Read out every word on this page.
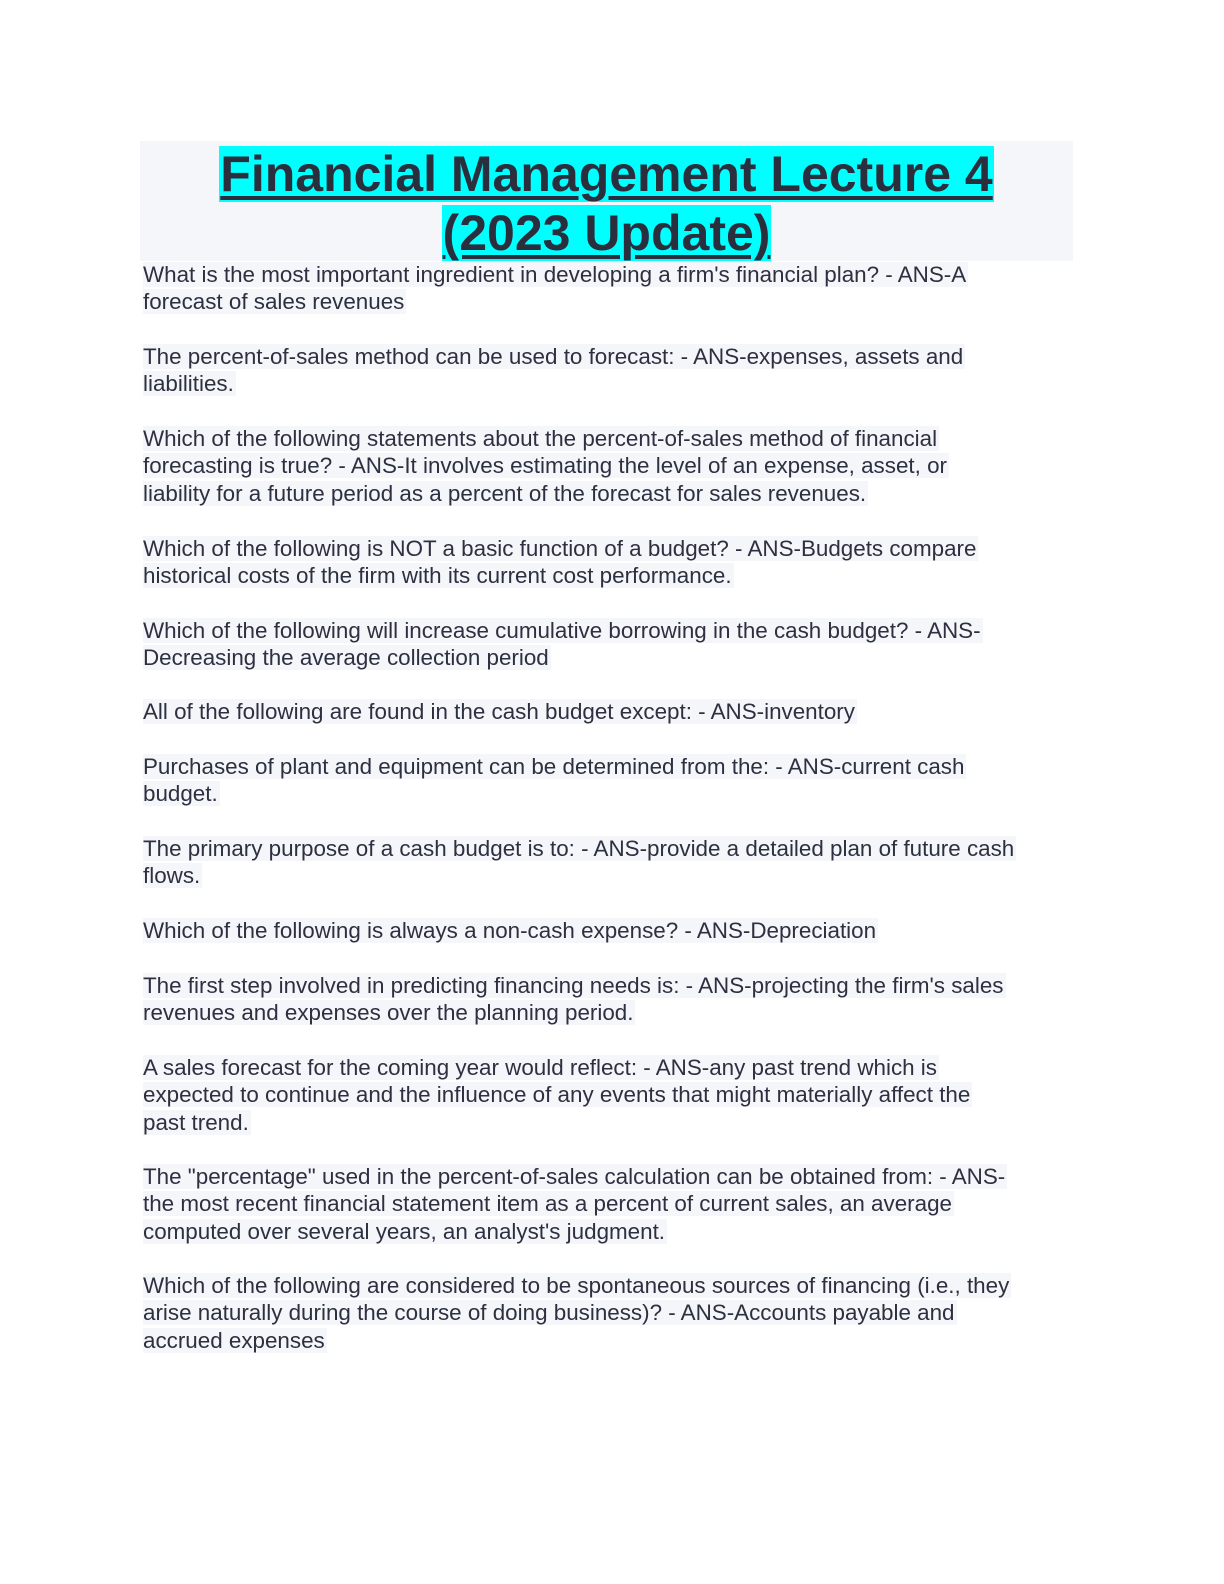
Financial Management Lecture 4
(2023 Update)
What is the most important ingredient in developing a firm's financial plan? - ANS-A
forecast of sales revenues
The percent-of-sales method can be used to forecast: - ANS-expenses, assets and
liabilities.
Which of the following statements about the percent-of-sales method of financial
forecasting is true? - ANS-It involves estimating the level of an expense, asset, or
liability for a future period as a percent of the forecast for sales revenues.
Which of the following is NOT a basic function of a budget? - ANS-Budgets compare
historical costs of the firm with its current cost performance.
Which of the following will increase cumulative borrowing in the cash budget? - ANS-
Decreasing the average collection period
All of the following are found in the cash budget except: - ANS-inventory
Purchases of plant and equipment can be determined from the: - ANS-current cash
budget.
The primary purpose of a cash budget is to: - ANS-provide a detailed plan of future cash
flows.
Which of the following is always a non-cash expense? - ANS-Depreciation
The first step involved in predicting financing needs is: - ANS-projecting the firm's sales
revenues and expenses over the planning period.
A sales forecast for the coming year would reflect: - ANS-any past trend which is
expected to continue and the influence of any events that might materially affect the
past trend.
The "percentage" used in the percent-of-sales calculation can be obtained from: - ANS-
the most recent financial statement item as a percent of current sales, an average
computed over several years, an analyst's judgment.
Which of the following are considered to be spontaneous sources of financing (i.e., they
arise naturally during the course of doing business)? - ANS-Accounts payable and
accrued expenses
